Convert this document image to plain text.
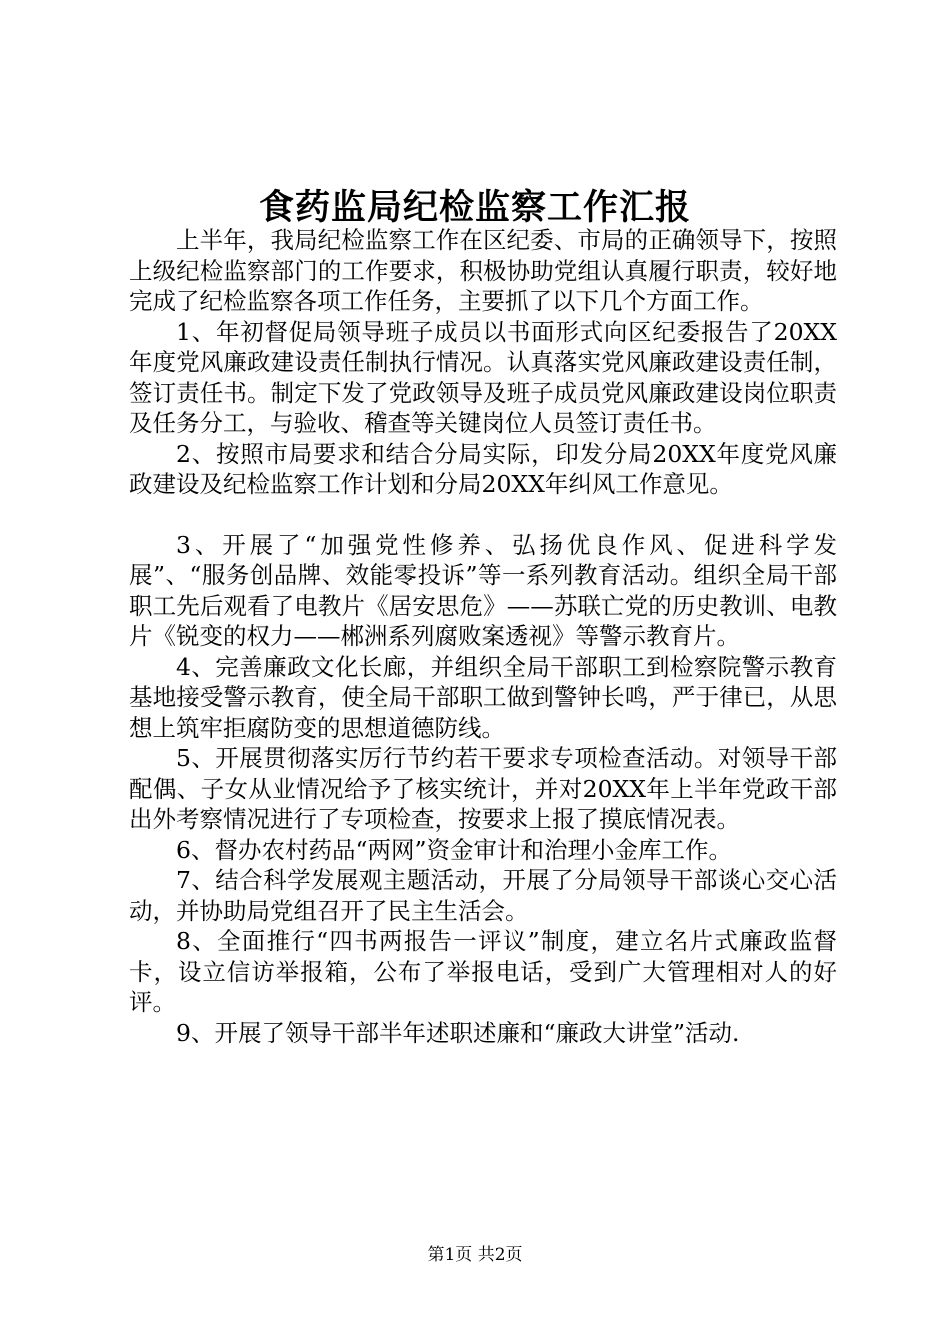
食药监局纪检监察工作汇报

上半年，我局纪检监察工作在区纪委、市局的正确领导下，按照上级纪检监察部门的工作要求，积极协助党组认真履行职责，较好地完成了纪检监察各项工作任务，主要抓了以下几个方面工作。

1、年初督促局领导班子成员以书面形式向区纪委报告了20XX年度党风廉政建设责任制执行情况。认真落实党风廉政建设责任制，签订责任书。制定下发了党政领导及班子成员党风廉政建设岗位职责及任务分工，与验收、稽查等关键岗位人员签订责任书。

2、按照市局要求和结合分局实际，印发分局20XX年度党风廉政建设及纪检监察工作计划和分局20XX年纠风工作意见。

3、开展了“加强党性修养、弘扬优良作风、促进科学发展”、“服务创品牌、效能零投诉”等一系列教育活动。组织全局干部职工先后观看了电教片《居安思危》——苏联亡党的历史教训、电教片《锐变的权力——郴洲系列腐败案透视》等警示教育片。

4、完善廉政文化长廊，并组织全局干部职工到检察院警示教育基地接受警示教育，使全局干部职工做到警钟长鸣，严于律已，从思想上筑牢拒腐防变的思想道德防线。

5、开展贯彻落实厉行节约若干要求专项检查活动。对领导干部配偶、子女从业情况给予了核实统计，并对20XX年上半年党政干部出外考察情况进行了专项检查，按要求上报了摸底情况表。

6、督办农村药品“两网”资金审计和治理小金库工作。

7、结合科学发展观主题活动，开展了分局领导干部谈心交心活动，并协助局党组召开了民主生活会。

8、全面推行“四书两报告一评议”制度，建立名片式廉政监督卡，设立信访举报箱，公布了举报电话，受到广大管理相对人的好评。

9、开展了领导干部半年述职述廉和“廉政大讲堂”活动.

第1页 共2页
